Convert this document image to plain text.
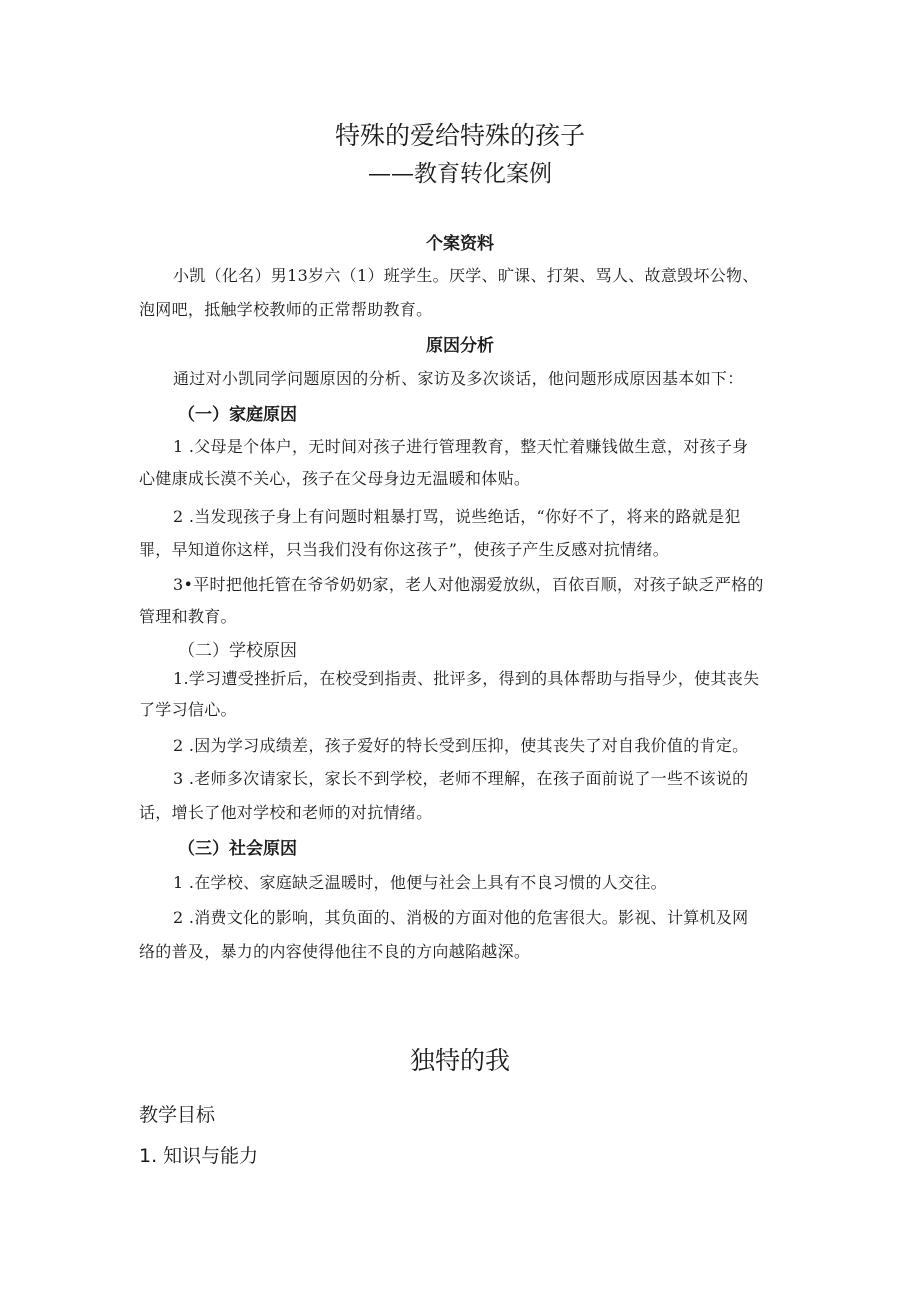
特殊的爱给特殊的孩子

——教育转化案例

个案资料

小凯（化名）男13岁六（1）班学生。厌学、旷课、打架、骂人、故意毁坏公物、

泡网吧，抵触学校教师的正常帮助教育。

原因分析

通过对小凯同学问题原因的分析、家访及多次谈话，他问题形成原因基本如下：

（一）家庭原因

1 .父母是个体户，无时间对孩子进行管理教育，整天忙着赚钱做生意，对孩子身

心健康成长漠不关心，孩子在父母身边无温暖和体贴。

2 .当发现孩子身上有问题时粗暴打骂，说些绝话，“你好不了，将来的路就是犯

罪，早知道你这样，只当我们没有你这孩子”，使孩子产生反感对抗情绪。

3•平时把他托管在爷爷奶奶家，老人对他溺爱放纵，百依百顺，对孩子缺乏严格的

管理和教育。

（二）学校原因

1.学习遭受挫折后，在校受到指责、批评多，得到的具体帮助与指导少，使其丧失

了学习信心。

2 .因为学习成绩差，孩子爱好的特长受到压抑，使其丧失了对自我价值的肯定。

3 .老师多次请家长，家长不到学校，老师不理解，在孩子面前说了一些不该说的

话，增长了他对学校和老师的对抗情绪。

（三）社会原因

1 .在学校、家庭缺乏温暖时，他便与社会上具有不良习惯的人交往。

2 .消费文化的影响，其负面的、消极的方面对他的危害很大。影视、计算机及网

络的普及，暴力的内容使得他往不良的方向越陷越深。

独特的我

教学目标

1. 知识与能力
